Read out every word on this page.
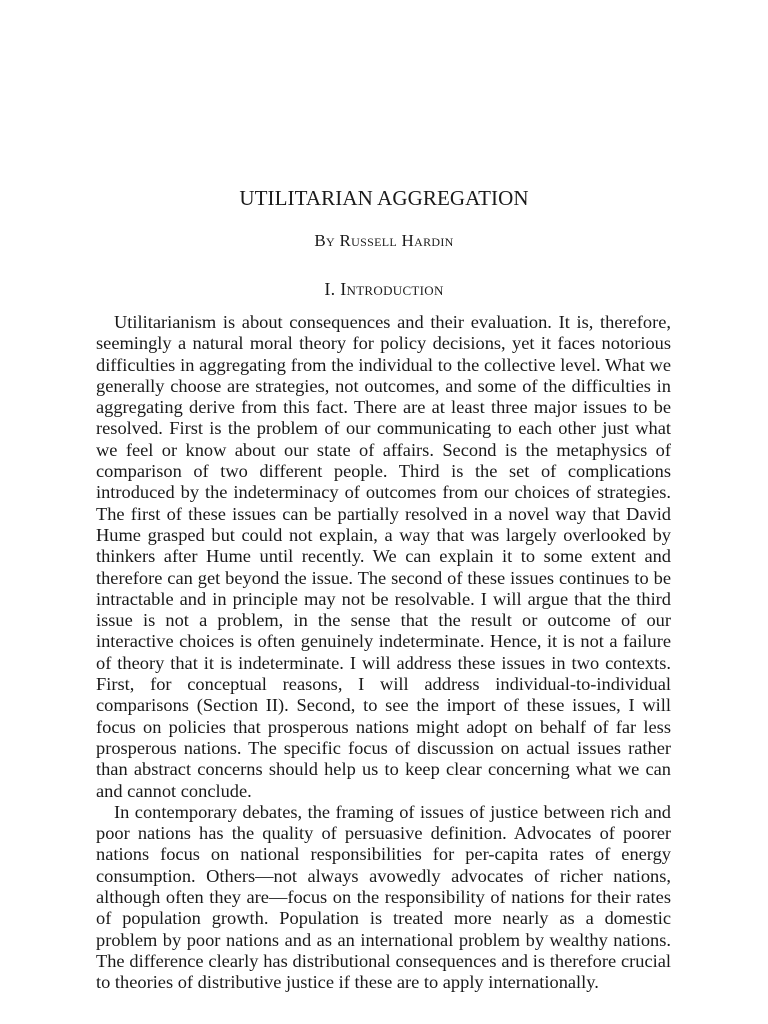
UTILITARIAN AGGREGATION
By Russell Hardin
I. Introduction

Utilitarianism is about consequences and their evaluation. It is, therefore, seemingly a natural moral theory for policy decisions, yet it faces notorious difficulties in aggregating from the individual to the collective level. What we generally choose are strategies, not outcomes, and some of the difficulties in aggregating derive from this fact. There are at least three major issues to be resolved. First is the problem of our communicating to each other just what we feel or know about our state of affairs. Second is the metaphysics of comparison of two different people. Third is the set of complications introduced by the indeterminacy of outcomes from our choices of strategies. The first of these issues can be partially resolved in a novel way that David Hume grasped but could not explain, a way that was largely overlooked by thinkers after Hume until recently. We can explain it to some extent and therefore can get beyond the issue. The second of these issues continues to be intractable and in principle may not be resolvable. I will argue that the third issue is not a problem, in the sense that the result or outcome of our interactive choices is often genuinely indeterminate. Hence, it is not a failure of theory that it is indeterminate. I will address these issues in two contexts. First, for conceptual reasons, I will address individual-to-individual comparisons (Section II). Second, to see the import of these issues, I will focus on policies that prosperous nations might adopt on behalf of far less prosperous nations. The specific focus of discussion on actual issues rather than abstract concerns should help us to keep clear concerning what we can and cannot conclude.

In contemporary debates, the framing of issues of justice between rich and poor nations has the quality of persuasive definition. Advocates of poorer nations focus on national responsibilities for per-capita rates of energy consumption. Others—not always avowedly advocates of richer nations, although often they are—focus on the responsibility of nations for their rates of population growth. Population is treated more nearly as a domestic problem by poor nations and as an international problem by wealthy nations. The difference clearly has distributional consequences and is therefore crucial to theories of distributive justice if these are to apply internationally.
